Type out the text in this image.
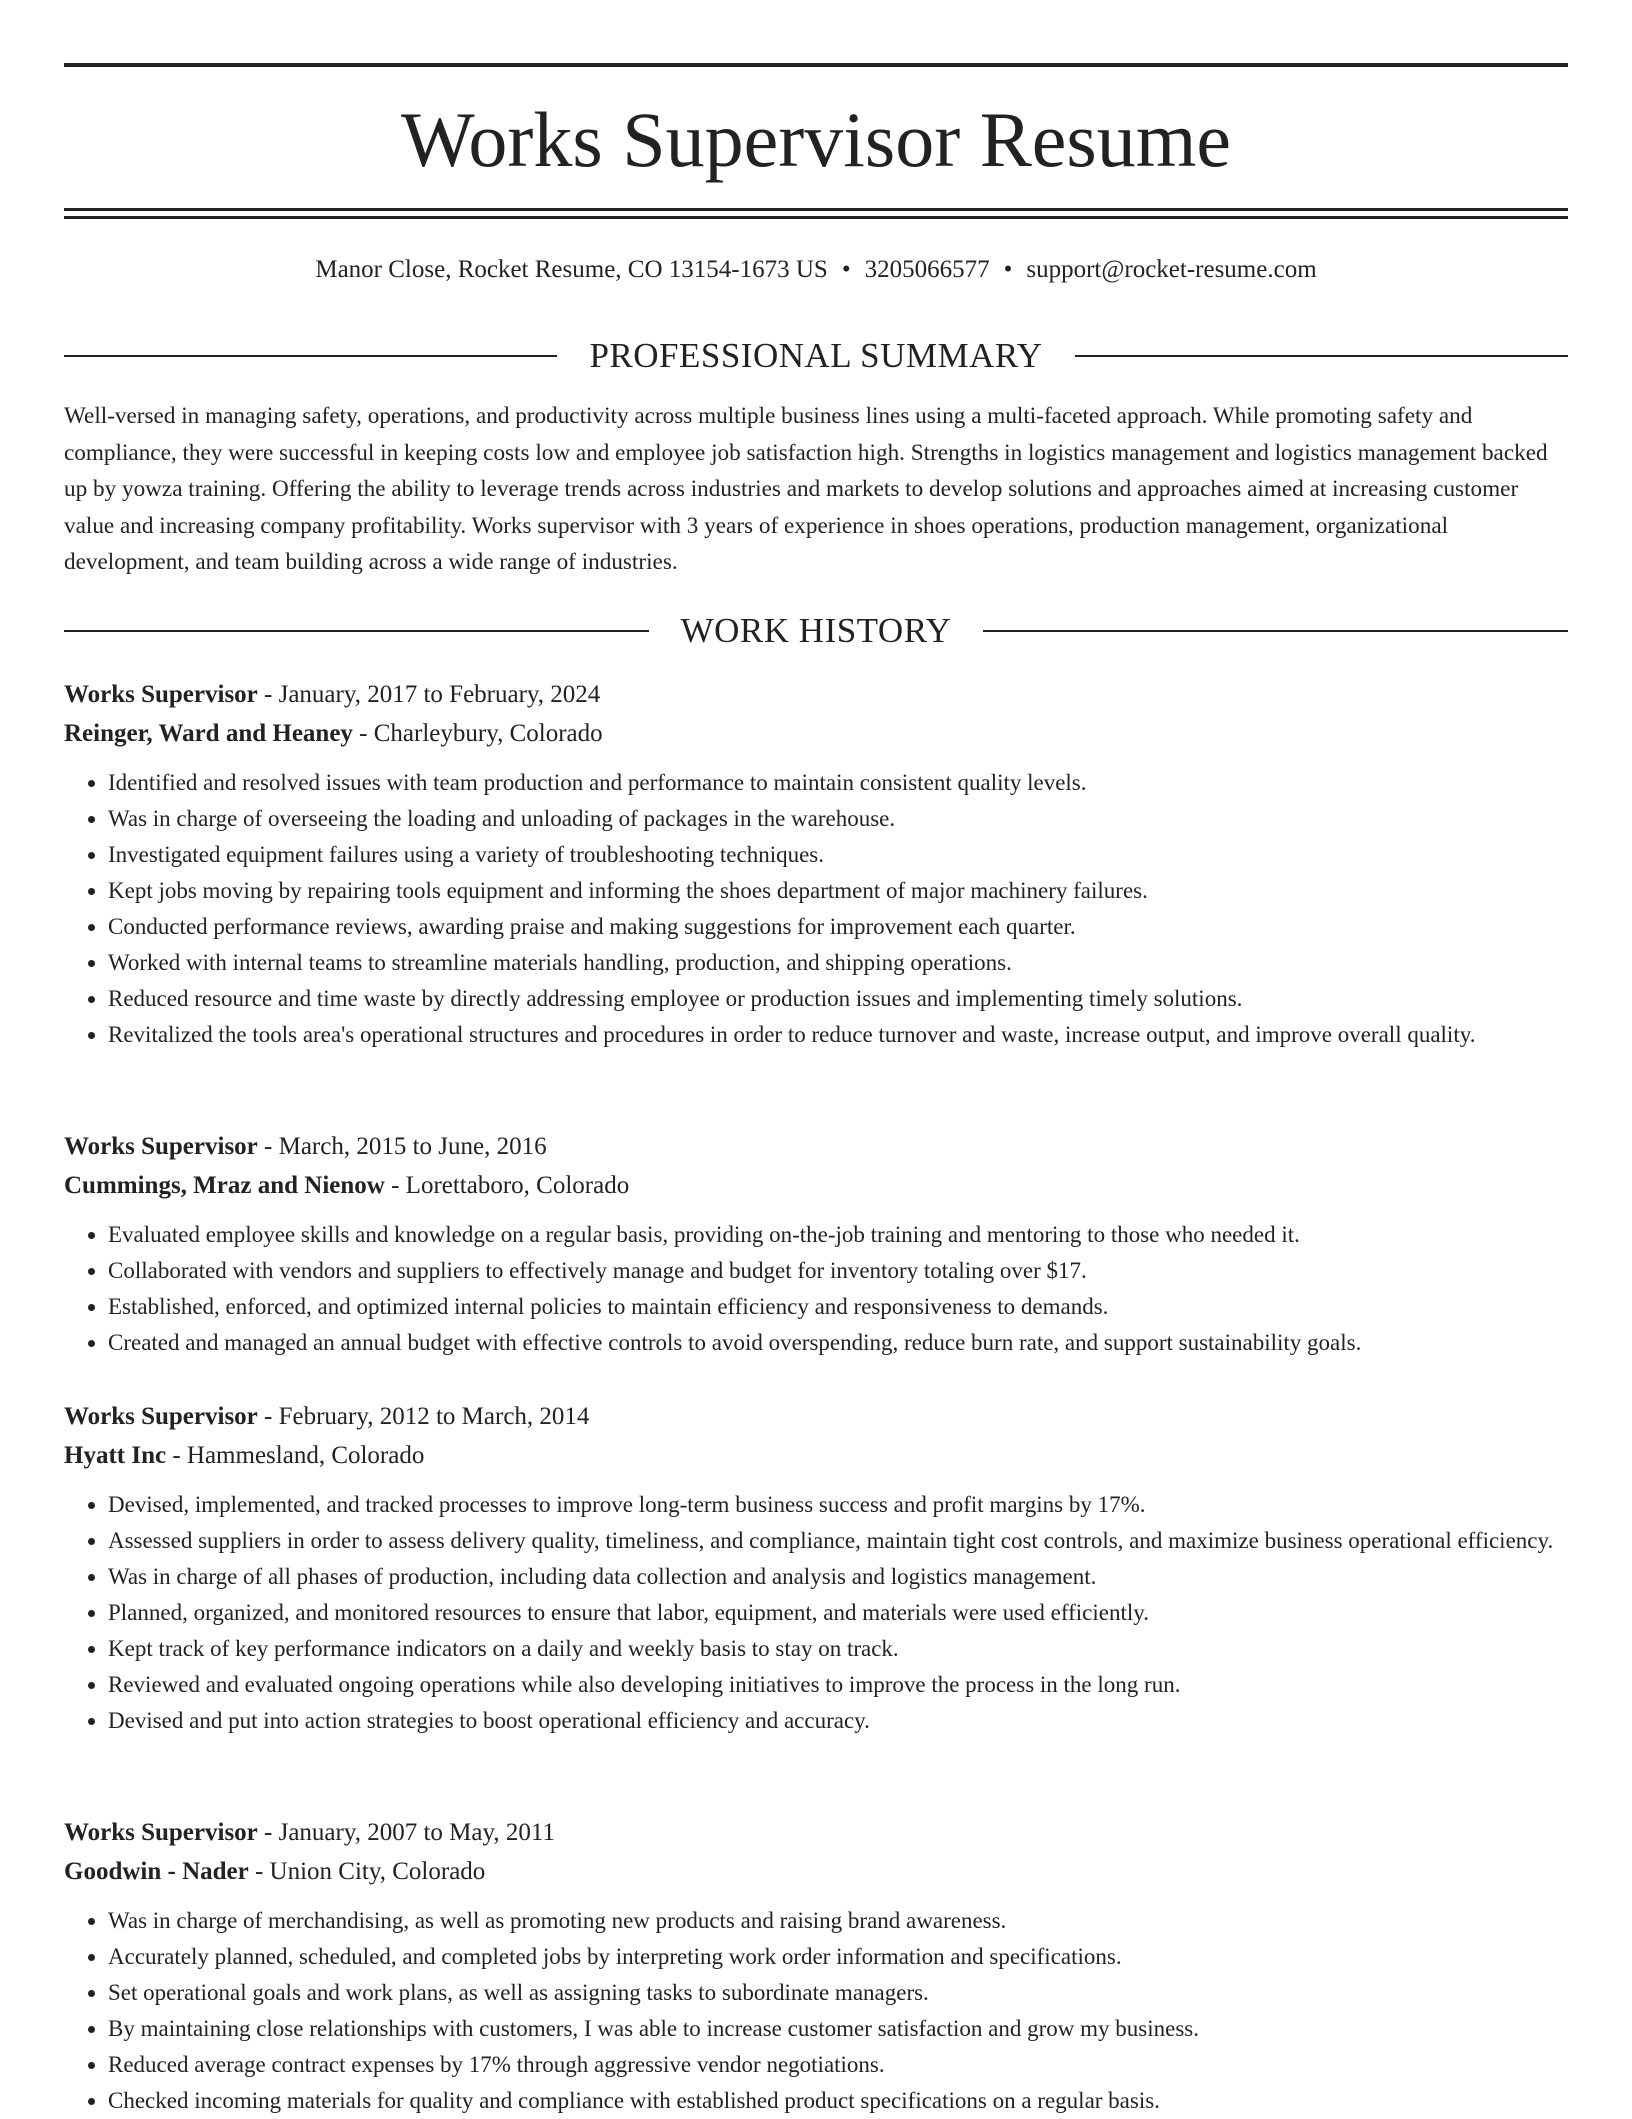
Works Supervisor Resume
Manor Close, Rocket Resume, CO 13154-1673 US • 3205066577 • support@rocket-resume.com
PROFESSIONAL SUMMARY

Well-versed in managing safety, operations, and productivity across multiple business lines using a multi-faceted approach. While promoting safety and compliance, they were successful in keeping costs low and employee job satisfaction high. Strengths in logistics management and logistics management backed up by yowza training. Offering the ability to leverage trends across industries and markets to develop solutions and approaches aimed at increasing customer value and increasing company profitability. Works supervisor with 3 years of experience in shoes operations, production management, organizational development, and team building across a wide range of industries.

WORK HISTORY
Works Supervisor - January, 2017 to February, 2024
Reinger, Ward and Heaney - Charleybury, Colorado
• Identified and resolved issues with team production and performance to maintain consistent quality levels.
• Was in charge of overseeing the loading and unloading of packages in the warehouse.
• Investigated equipment failures using a variety of troubleshooting techniques.
• Kept jobs moving by repairing tools equipment and informing the shoes department of major machinery failures.
• Conducted performance reviews, awarding praise and making suggestions for improvement each quarter.
• Worked with internal teams to streamline materials handling, production, and shipping operations.
• Reduced resource and time waste by directly addressing employee or production issues and implementing timely solutions.
• Revitalized the tools area's operational structures and procedures in order to reduce turnover and waste, increase output, and improve overall quality.
Works Supervisor - March, 2015 to June, 2016
Cummings, Mraz and Nienow - Lorettaboro, Colorado
• Evaluated employee skills and knowledge on a regular basis, providing on-the-job training and mentoring to those who needed it.
• Collaborated with vendors and suppliers to effectively manage and budget for inventory totaling over $17.
• Established, enforced, and optimized internal policies to maintain efficiency and responsiveness to demands.
• Created and managed an annual budget with effective controls to avoid overspending, reduce burn rate, and support sustainability goals.
Works Supervisor - February, 2012 to March, 2014
Hyatt Inc - Hammesland, Colorado
• Devised, implemented, and tracked processes to improve long-term business success and profit margins by 17%.
• Assessed suppliers in order to assess delivery quality, timeliness, and compliance, maintain tight cost controls, and maximize business operational efficiency.
• Was in charge of all phases of production, including data collection and analysis and logistics management.
• Planned, organized, and monitored resources to ensure that labor, equipment, and materials were used efficiently.
• Kept track of key performance indicators on a daily and weekly basis to stay on track.
• Reviewed and evaluated ongoing operations while also developing initiatives to improve the process in the long run.
• Devised and put into action strategies to boost operational efficiency and accuracy.
Works Supervisor - January, 2007 to May, 2011
Goodwin - Nader - Union City, Colorado
• Was in charge of merchandising, as well as promoting new products and raising brand awareness.
• Accurately planned, scheduled, and completed jobs by interpreting work order information and specifications.
• Set operational goals and work plans, as well as assigning tasks to subordinate managers.
• By maintaining close relationships with customers, I was able to increase customer satisfaction and grow my business.
• Reduced average contract expenses by 17% through aggressive vendor negotiations.
• Checked incoming materials for quality and compliance with established product specifications on a regular basis.
